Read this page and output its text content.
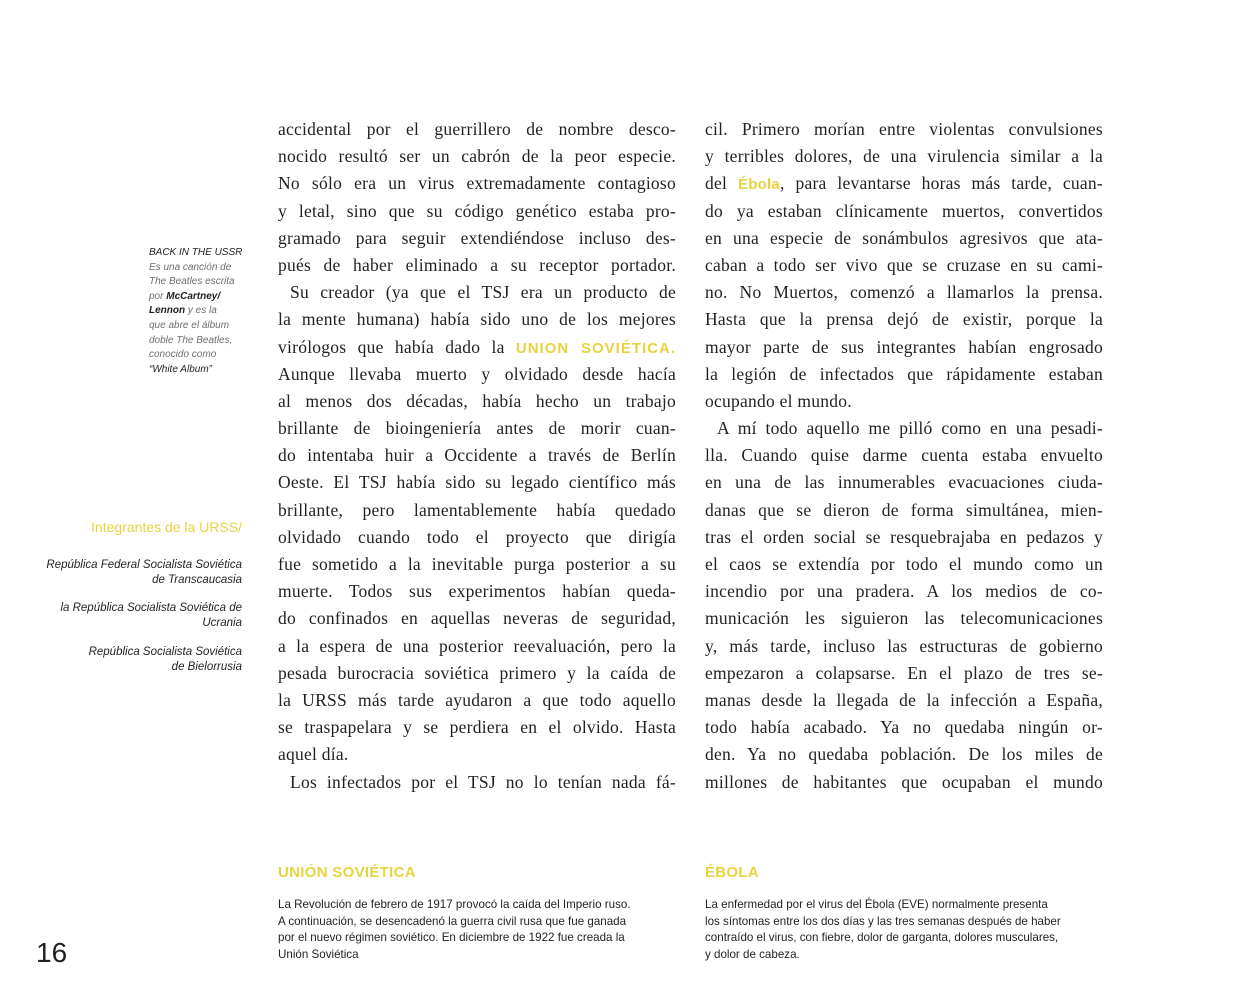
BACK IN THE USSR
Es una canción de
The Beatles escrita
por McCartney/
Lennon y es la
que abre el álbum
doble The Beatles,
conocido como
“White Album”
Integrantes de la URSS/
República Federal Socialista Soviética
de Transcaucasia
la República Socialista Soviética de
Ucrania
República Socialista Soviética
de Bielorrusia
accidental por el guerrillero de nombre desco-
nocido resultó ser un cabrón de la peor especie.
No sólo era un virus extremadamente contagioso
y letal, sino que su código genético estaba pro-
gramado para seguir extendiéndose incluso des-
pués de haber eliminado a su receptor portador.
Su creador (ya que el TSJ era un producto de
la mente humana) había sido uno de los mejores
virólogos que había dado la UNION SOVIÉTICA.
Aunque llevaba muerto y olvidado desde hacía
al menos dos décadas, había hecho un trabajo
brillante de bioingeniería antes de morir cuan-
do intentaba huir a Occidente a través de Berlín
Oeste. El TSJ había sido su legado científico más
brillante, pero lamentablemente había quedado
olvidado cuando todo el proyecto que dirigía
fue sometido a la inevitable purga posterior a su
muerte. Todos sus experimentos habían queda-
do confinados en aquellas neveras de seguridad,
a la espera de una posterior reevaluación, pero la
pesada burocracia soviética primero y la caída de
la URSS más tarde ayudaron a que todo aquello
se traspapelara y se perdiera en el olvido. Hasta
aquel día.
Los infectados por el TSJ no lo tenían nada fá-
cil. Primero morían entre violentas convulsiones
y terribles dolores, de una virulencia similar a la
del Ébola, para levantarse horas más tarde, cuan-
do ya estaban clínicamente muertos, convertidos
en una especie de sonámbulos agresivos que ata-
caban a todo ser vivo que se cruzase en su cami-
no. No Muertos, comenzó a llamarlos la prensa.
Hasta que la prensa dejó de existir, porque la
mayor parte de sus integrantes habían engrosado
la legión de infectados que rápidamente estaban
ocupando el mundo.
A mí todo aquello me pilló como en una pesadi-
lla. Cuando quise darme cuenta estaba envuelto
en una de las innumerables evacuaciones ciuda-
danas que se dieron de forma simultánea, mien-
tras el orden social se resquebrajaba en pedazos y
el caos se extendía por todo el mundo como un
incendio por una pradera. A los medios de co-
municación les siguieron las telecomunicaciones
y, más tarde, incluso las estructuras de gobierno
empezaron a colapsarse. En el plazo de tres se-
manas desde la llegada de la infección a España,
todo había acabado. Ya no quedaba ningún or-
den. Ya no quedaba población. De los miles de
millones de habitantes que ocupaban el mundo
UNIÓN SOVIÉTICA
La Revolución de febrero de 1917 provocó la caída del Imperio ruso.
A continuación, se desencadenó la guerra civil rusa que fue ganada
por el nuevo régimen soviético. En diciembre de 1922 fue creada la
Unión Soviética
ÉBOLA
La enfermedad por el virus del Ébola (EVE) normalmente presenta
los síntomas entre los dos días y las tres semanas después de haber
contraído el virus, con fiebre, dolor de garganta, dolores musculares,
y dolor de cabeza.
16
